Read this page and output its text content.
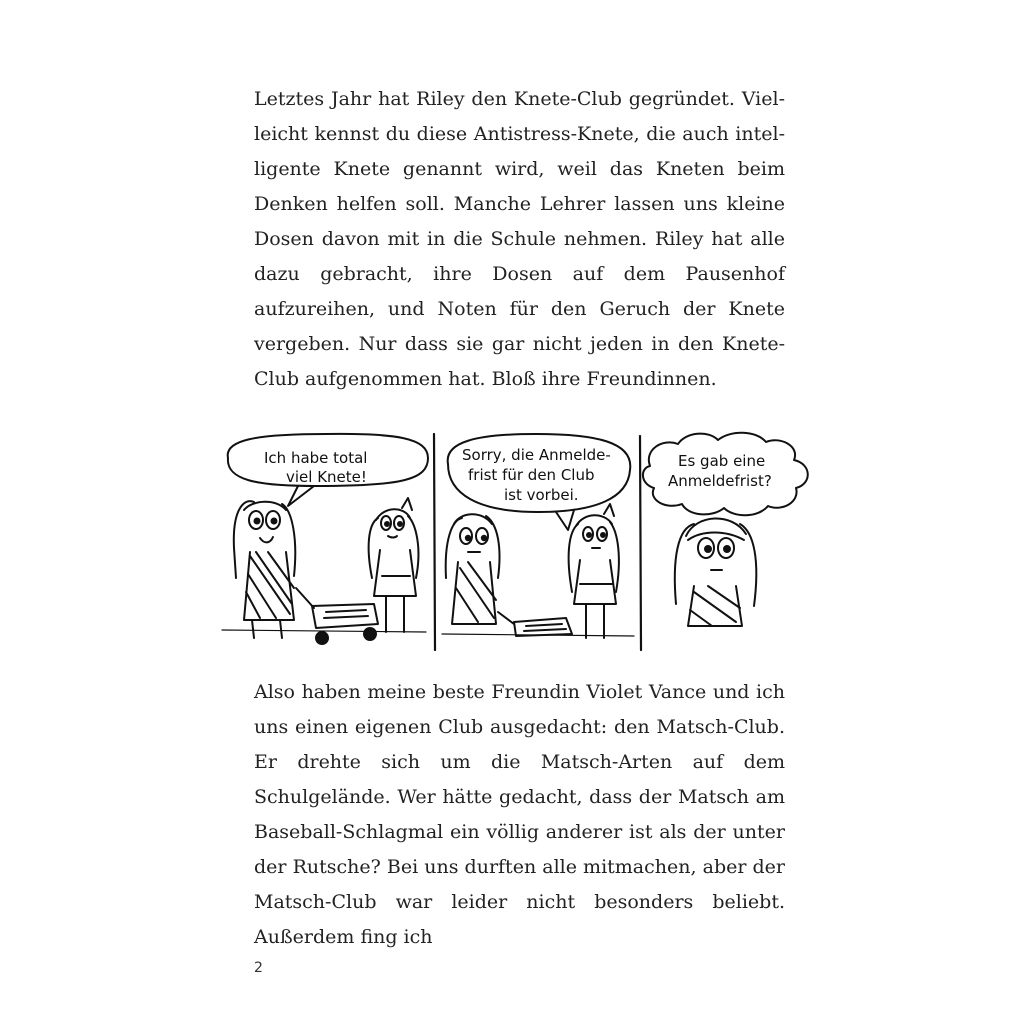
Letztes Jahr hat Riley den Knete-Club gegründet. Vielleicht kennst du diese Antistress-Knete, die auch intelligente Knete genannt wird, weil das Kneten beim Denken helfen soll. Manche Lehrer lassen uns kleine Dosen davon mit in die Schule nehmen. Riley hat alle dazu gebracht, ihre Dosen auf dem Pausenhof aufzureihen, und Noten für den Geruch der Knete vergeben. Nur dass sie gar nicht jeden in den Knete-Club aufgenommen hat. Bloß ihre Freundinnen.

Ich habe total
viel Knete!
Sorry, die Anmelde-
frist für den Club
ist vorbei.
Es gab eine
Anmeldefrist?

Also haben meine beste Freundin Violet Vance und ich uns einen eigenen Club ausgedacht: den Matsch-Club. Er drehte sich um die Matsch-Arten auf dem Schulgelände. Wer hätte gedacht, dass der Matsch am Baseball-Schlagmal ein völlig anderer ist als der unter der Rutsche? Bei uns durften alle mitmachen, aber der Matsch-Club war leider nicht besonders beliebt. Außerdem fing ich

2
